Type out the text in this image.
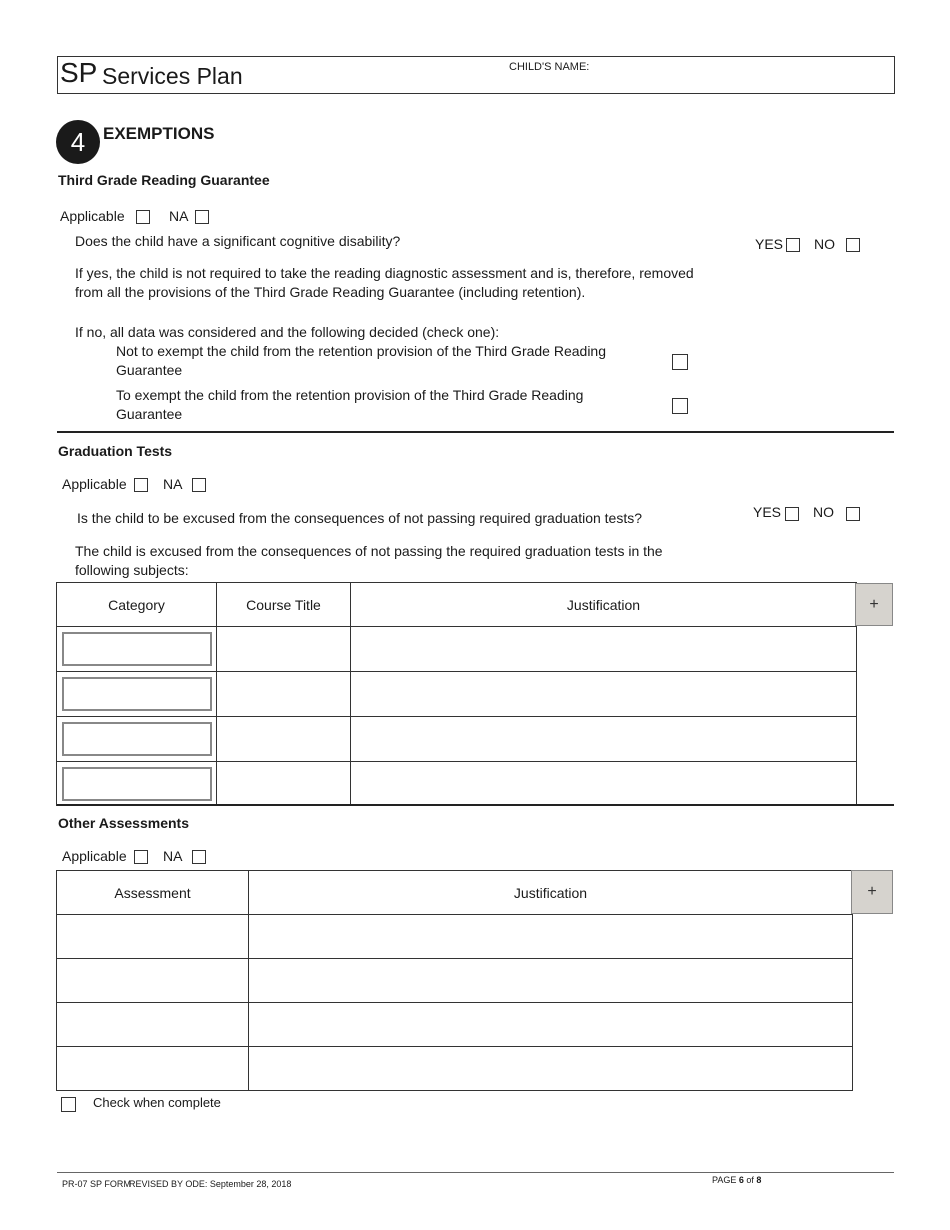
SP Services Plan	CHILD'S NAME:
4	EXEMPTIONS
Third Grade Reading Guarantee
Applicable	NA
Does the child have a significant cognitive disability?	YES NO
If yes, the child is not required to take the reading diagnostic assessment and is, therefore, removed
from all the provisions of the Third Grade Reading Guarantee (including retention).
If no, all data was considered and the following decided (check one):
Not to exempt the child from the retention provision of the Third Grade Reading
Guarantee
To exempt the child from the retention provision of the Third Grade Reading
Guarantee
Graduation Tests
Applicable	NA
Is the child to be excused from the consequences of not passing required graduation tests?	YES NO
The child is excused from the consequences of not passing the required graduation tests in the
following subjects:
Category	Course Title	Justification

			+
Other Assessments
Applicable	NA
Assessment	Justification

		+
Check when complete
PR-07 SP FORM
REVISED BY ODE: September 28, 2018	PAGE 6 of 8
